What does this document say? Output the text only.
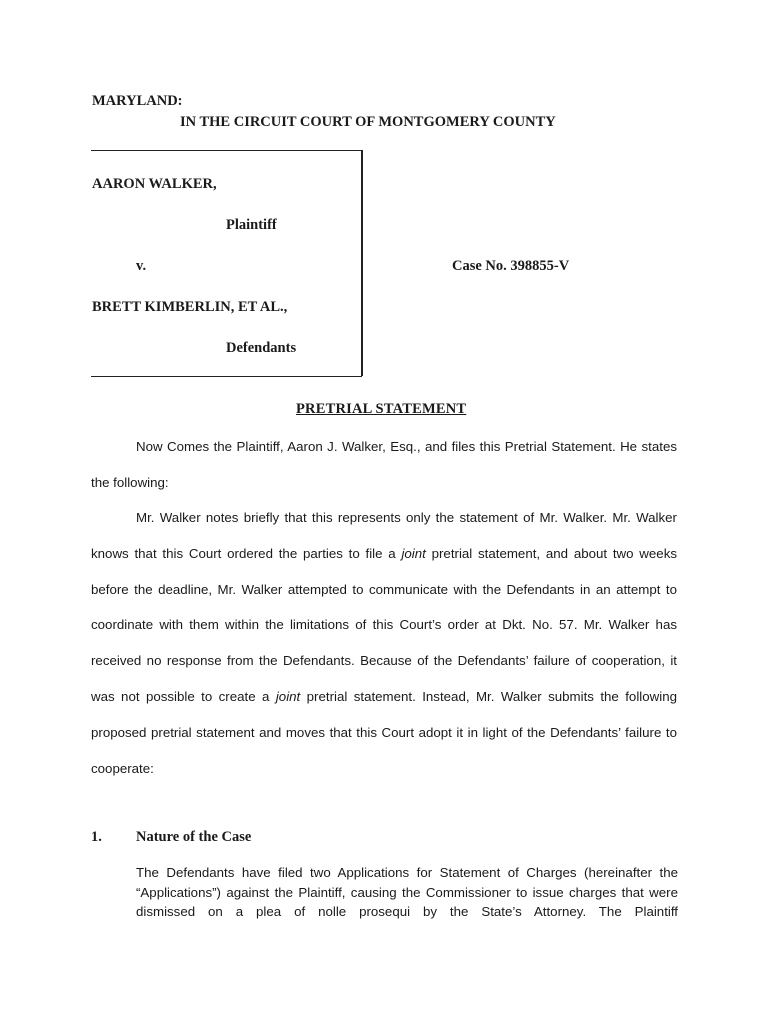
MARYLAND:
IN THE CIRCUIT COURT OF MONTGOMERY COUNTY
AARON WALKER,
Plaintiff
v.	Case No. 398855-V
BRETT KIMBERLIN, ET AL.,
Defendants
PRETRIAL STATEMENT

Now Comes the Plaintiff, Aaron J. Walker, Esq., and files this Pretrial Statement. He states the following:

Mr. Walker notes briefly that this represents only the statement of Mr. Walker. Mr. Walker knows that this Court ordered the parties to file a joint pretrial statement, and about two weeks before the deadline, Mr. Walker attempted to communicate with the Defendants in an attempt to coordinate with them within the limitations of this Court’s order at Dkt. No. 57. Mr. Walker has received no response from the Defendants. Because of the Defendants’ failure of cooperation, it was not possible to create a joint pretrial statement. Instead, Mr. Walker submits the following proposed pretrial statement and moves that this Court adopt it in light of the Defendants’ failure to cooperate:

1. Nature of the Case

The Defendants have filed two Applications for Statement of Charges (hereinafter the “Applications”) against the Plaintiff, causing the Commissioner to issue charges that were dismissed on a plea of nolle prosequi by the State’s Attorney. The Plaintiff
